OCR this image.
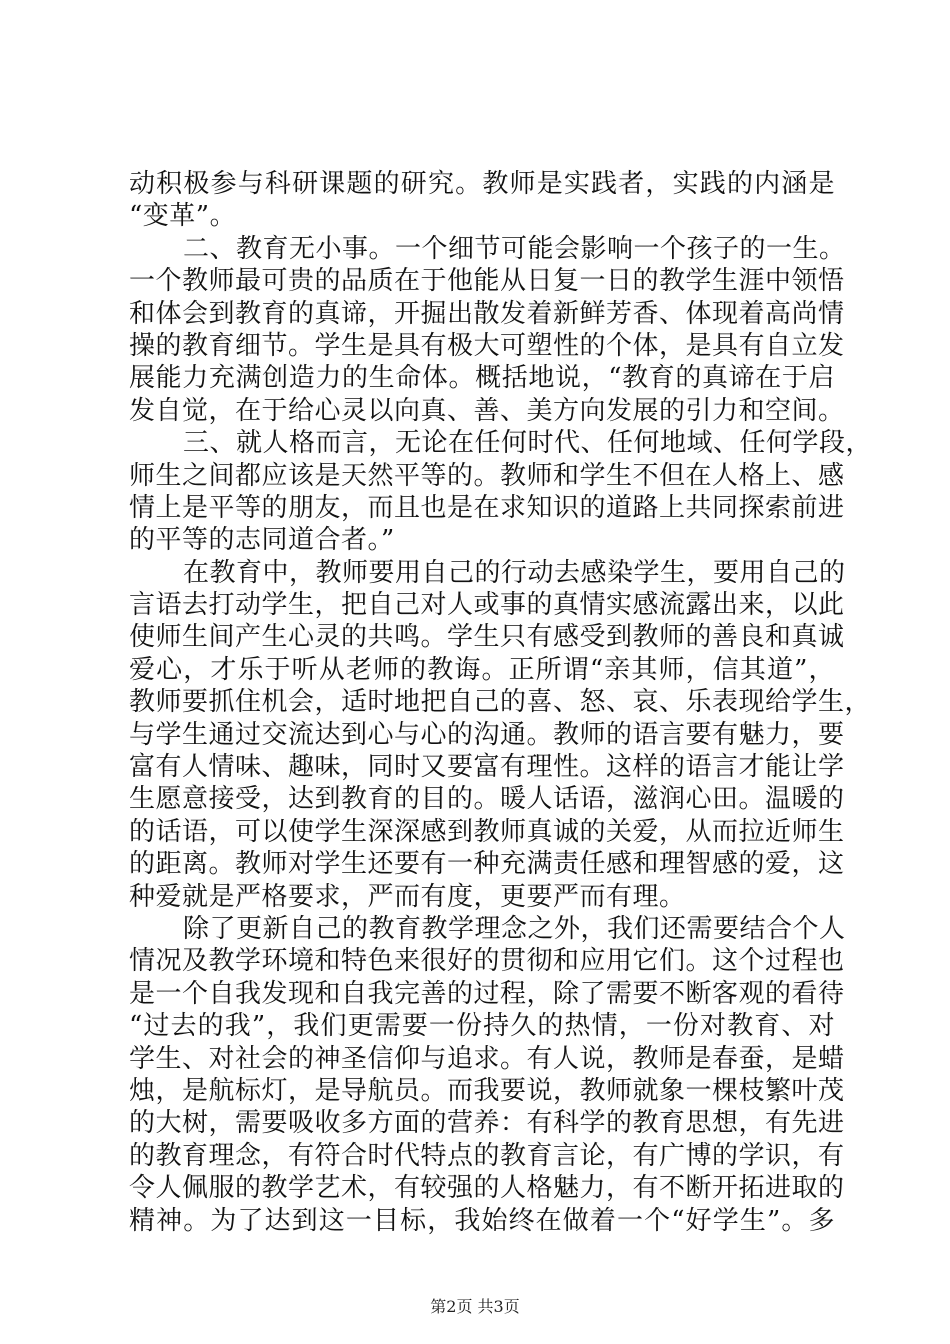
动积极参与科研课题的研究。教师是实践者，实践的内涵是
“变革”。
二、教育无小事。一个细节可能会影响一个孩子的一生。
一个教师最可贵的品质在于他能从日复一日的教学生涯中领悟
和体会到教育的真谛，开掘出散发着新鲜芳香、体现着高尚情
操的教育细节。学生是具有极大可塑性的个体，是具有自立发
展能力充满创造力的生命体。概括地说，“教育的真谛在于启
发自觉，在于给心灵以向真、善、美方向发展的引力和空间。
三、就人格而言，无论在任何时代、任何地域、任何学段，
师生之间都应该是天然平等的。教师和学生不但在人格上、感
情上是平等的朋友，而且也是在求知识的道路上共同探索前进
的平等的志同道合者。”
在教育中，教师要用自己的行动去感染学生，要用自己的
言语去打动学生，把自己对人或事的真情实感流露出来，以此
使师生间产生心灵的共鸣。学生只有感受到教师的善良和真诚
爱心，才乐于听从老师的教诲。正所谓“亲其师，信其道”，
教师要抓住机会，适时地把自己的喜、怒、哀、乐表现给学生，
与学生通过交流达到心与心的沟通。教师的语言要有魅力，要
富有人情味、趣味，同时又要富有理性。这样的语言才能让学
生愿意接受，达到教育的目的。暖人话语，滋润心田。温暖的
的话语，可以使学生深深感到教师真诚的关爱，从而拉近师生
的距离。教师对学生还要有一种充满责任感和理智感的爱，这
种爱就是严格要求，严而有度，更要严而有理。
除了更新自己的教育教学理念之外，我们还需要结合个人
情况及教学环境和特色来很好的贯彻和应用它们。这个过程也
是一个自我发现和自我完善的过程，除了需要不断客观的看待
“过去的我”，我们更需要一份持久的热情，一份对教育、对
学生、对社会的神圣信仰与追求。有人说，教师是春蚕，是蜡
烛，是航标灯，是导航员。而我要说，教师就象一棵枝繁叶茂
的大树，需要吸收多方面的营养：有科学的教育思想，有先进
的教育理念，有符合时代特点的教育言论，有广博的学识，有
令人佩服的教学艺术，有较强的人格魅力，有不断开拓进取的
精神。为了达到这一目标，我始终在做着一个“好学生”。多
第2页 共3页
